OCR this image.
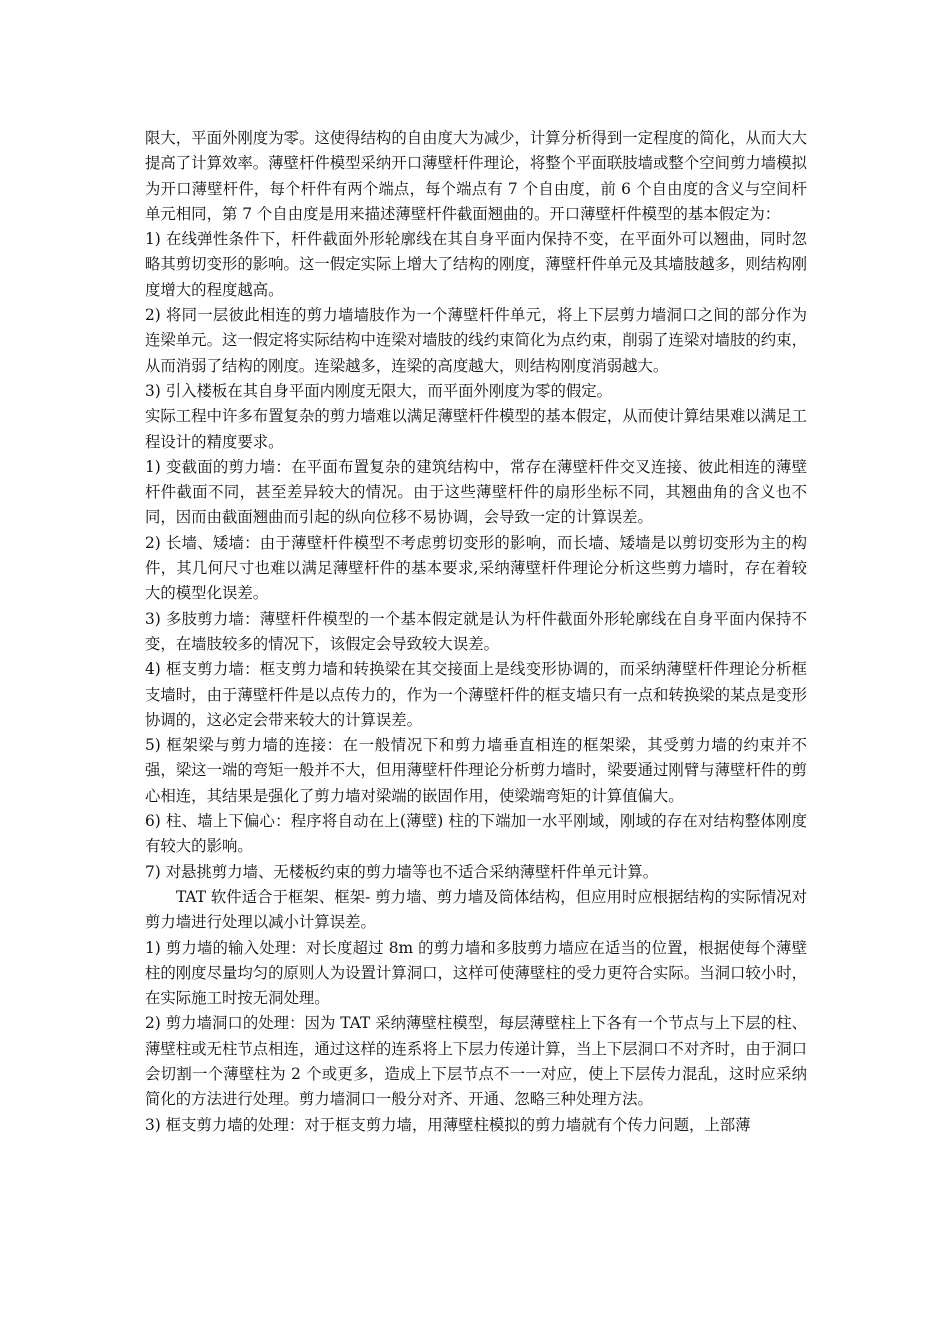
限大，平面外刚度为零。这使得结构的自由度大为减少，计算分析得到一定程度的简化，从而大大提高了计算效率。薄壁杆件模型采纳开口薄壁杆件理论，将整个平面联肢墙或整个空间剪力墙模拟为开口薄壁杆件，每个杆件有两个端点，每个端点有 7 个自由度，前 6 个自由度的含义与空间杆单元相同，第 7 个自由度是用来描述薄壁杆件截面翘曲的。开口薄壁杆件模型的基本假定为：

1) 在线弹性条件下，杆件截面外形轮廓线在其自身平面内保持不变，在平面外可以翘曲，同时忽略其剪切变形的影响。这一假定实际上增大了结构的刚度，薄壁杆件单元及其墙肢越多，则结构刚度增大的程度越高。

2) 将同一层彼此相连的剪力墙墙肢作为一个薄壁杆件单元，将上下层剪力墙洞口之间的部分作为连梁单元。这一假定将实际结构中连梁对墙肢的线约束简化为点约束，削弱了连梁对墙肢的约束，从而消弱了结构的刚度。连梁越多，连梁的高度越大，则结构刚度消弱越大。

3) 引入楼板在其自身平面内刚度无限大，而平面外刚度为零的假定。

实际工程中许多布置复杂的剪力墙难以满足薄壁杆件模型的基本假定，从而使计算结果难以满足工程设计的精度要求。

1) 变截面的剪力墙：在平面布置复杂的建筑结构中，常存在薄壁杆件交叉连接、彼此相连的薄壁杆件截面不同，甚至差异较大的情况。由于这些薄壁杆件的扇形坐标不同，其翘曲角的含义也不同，因而由截面翘曲而引起的纵向位移不易协调，会导致一定的计算误差。

2) 长墙、矮墙：由于薄壁杆件模型不考虑剪切变形的影响，而长墙、矮墙是以剪切变形为主的构件，其几何尺寸也难以满足薄壁杆件的基本要求,采纳薄壁杆件理论分析这些剪力墙时，存在着较大的模型化误差。

3) 多肢剪力墙：薄壁杆件模型的一个基本假定就是认为杆件截面外形轮廓线在自身平面内保持不变，在墙肢较多的情况下，该假定会导致较大误差。

4) 框支剪力墙：框支剪力墙和转换梁在其交接面上是线变形协调的，而采纳薄壁杆件理论分析框支墙时，由于薄壁杆件是以点传力的，作为一个薄壁杆件的框支墙只有一点和转换梁的某点是变形协调的，这必定会带来较大的计算误差。

5) 框架梁与剪力墙的连接：在一般情况下和剪力墙垂直相连的框架梁，其受剪力墙的约束并不强，梁这一端的弯矩一般并不大，但用薄壁杆件理论分析剪力墙时，梁要通过刚臂与薄壁杆件的剪心相连，其结果是强化了剪力墙对梁端的嵌固作用，使梁端弯矩的计算值偏大。

6) 柱、墙上下偏心：程序将自动在上(薄壁) 柱的下端加一水平刚域，刚域的存在对结构整体刚度有较大的影响。

7) 对悬挑剪力墙、无楼板约束的剪力墙等也不适合采纳薄壁杆件单元计算。

TAT 软件适合于框架、框架- 剪力墙、剪力墙及筒体结构，但应用时应根据结构的实际情况对剪力墙进行处理以减小计算误差。

1) 剪力墙的输入处理：对长度超过 8m 的剪力墙和多肢剪力墙应在适当的位置，根据使每个薄壁柱的刚度尽量均匀的原则人为设置计算洞口，这样可使薄壁柱的受力更符合实际。当洞口较小时，在实际施工时按无洞处理。

2) 剪力墙洞口的处理：因为 TAT 采纳薄壁柱模型，每层薄壁柱上下各有一个节点与上下层的柱、薄壁柱或无柱节点相连，通过这样的连系将上下层力传递计算，当上下层洞口不对齐时，由于洞口会切割一个薄壁柱为 2 个或更多，造成上下层节点不一一对应，使上下层传力混乱，这时应采纳简化的方法进行处理。剪力墙洞口一般分对齐、开通、忽略三种处理方法。

3) 框支剪力墙的处理：对于框支剪力墙，用薄壁柱模拟的剪力墙就有个传力问题，上部薄
